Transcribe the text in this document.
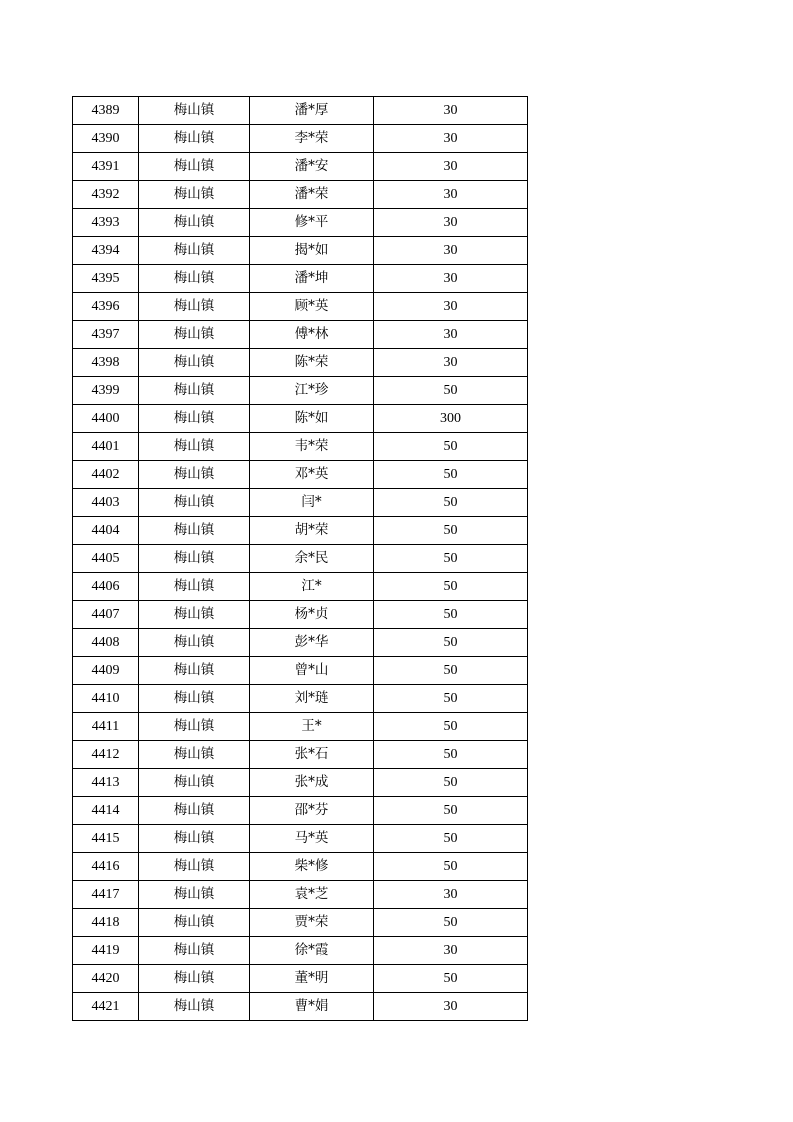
4389	梅山镇	潘*厚	30
4390	梅山镇	李*荣	30
4391	梅山镇	潘*安	30
4392	梅山镇	潘*荣	30
4393	梅山镇	修*平	30
4394	梅山镇	揭*如	30
4395	梅山镇	潘*坤	30
4396	梅山镇	顾*英	30
4397	梅山镇	傅*林	30
4398	梅山镇	陈*荣	30
4399	梅山镇	江*珍	50
4400	梅山镇	陈*如	300
4401	梅山镇	韦*荣	50
4402	梅山镇	邓*英	50
4403	梅山镇	闫*	50
4404	梅山镇	胡*荣	50
4405	梅山镇	余*民	50
4406	梅山镇	江*	50
4407	梅山镇	杨*贞	50
4408	梅山镇	彭*华	50
4409	梅山镇	曾*山	50
4410	梅山镇	刘*琏	50
4411	梅山镇	王*	50
4412	梅山镇	张*石	50
4413	梅山镇	张*成	50
4414	梅山镇	邵*芬	50
4415	梅山镇	马*英	50
4416	梅山镇	柴*修	50
4417	梅山镇	袁*芝	30
4418	梅山镇	贾*荣	50
4419	梅山镇	徐*霞	30
4420	梅山镇	董*明	50
4421	梅山镇	曹*娟	30
